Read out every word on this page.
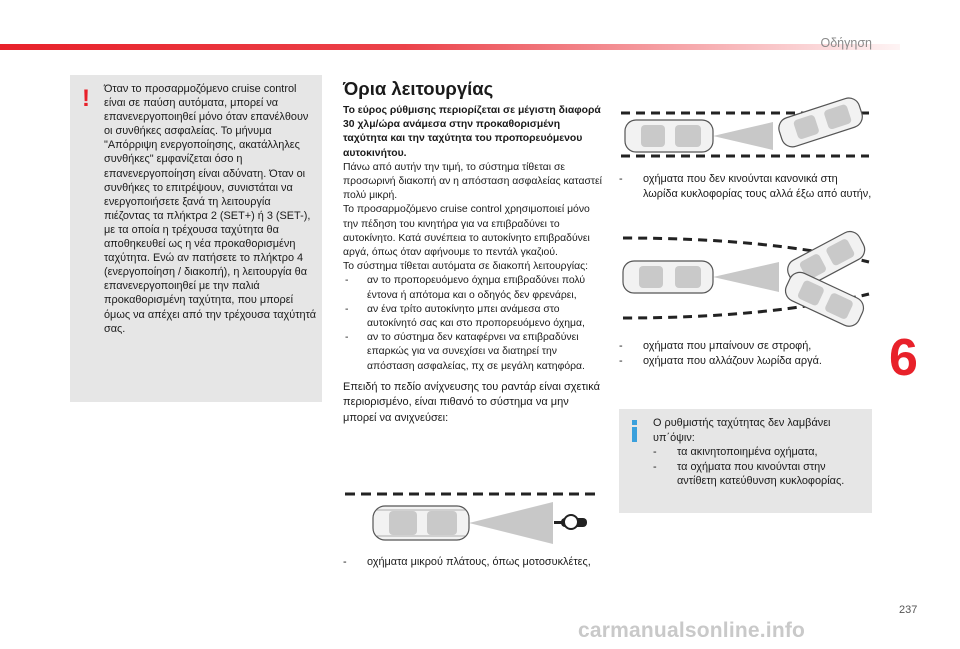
Οδήγηση
! Όταν το προσαρμοζόμενο cruise control είναι σε παύση αυτόματα, μπορεί να επανενεργοποιηθεί μόνο όταν επανέλθουν οι συνθήκες ασφαλείας. Το μήνυμα "Απόρριψη ενεργοποίησης, ακατάλληλες συνθήκες" εμφανίζεται όσο η επανενεργοποίηση είναι αδύνατη. Όταν οι συνθήκες το επιτρέψουν, συνιστάται να ενεργοποιήσετε ξανά τη λειτουργία πιέζοντας τα πλήκτρα 2 (SET+) ή 3 (SET-), με τα οποία η τρέχουσα ταχύτητα θα αποθηκευθεί ως η νέα προκαθορισμένη ταχύτητα. Ενώ αν πατήσετε το πλήκτρο 4 (ενεργοποίηση / διακοπή), η λειτουργία θα επανενεργοποιηθεί με την παλιά προκαθορισμένη ταχύτητα, που μπορεί όμως να απέχει από την τρέχουσα ταχύτητά σας.
Όρια λειτουργίας

Το εύρος ρύθμισης περιορίζεται σε μέγιστη διαφορά 30 χλμ/ώρα ανάμεσα στην προκαθορισμένη ταχύτητα και την ταχύτητα του προπορευόμενου αυτοκινήτου.

Πάνω από αυτήν την τιμή, το σύστημα τίθεται σε προσωρινή διακοπή αν η απόσταση ασφαλείας καταστεί πολύ μικρή.

Το προσαρμοζόμενο cruise control χρησιμοποιεί μόνο την πέδηση του κινητήρα για να επιβραδύνει το αυτοκίνητο. Κατά συνέπεια το αυτοκίνητο επιβραδύνει αργά, όπως όταν αφήνουμε το πεντάλ γκαζιού.

Το σύστημα τίθεται αυτόματα σε διακοπή λειτουργίας:

- αν το προπορευόμενο όχημα επιβραδύνει πολύ έντονα ή απότομα και ο οδηγός δεν φρενάρει,
- αν ένα τρίτο αυτοκίνητο μπει ανάμεσα στο αυτοκίνητό σας και στο προπορευόμενο όχημα,
- αν το σύστημα δεν καταφέρνει να επιβραδύνει επαρκώς για να συνεχίσει να διατηρεί την απόσταση ασφαλείας, πχ σε μεγάλη κατηφόρα.

Επειδή το πεδίο ανίχνευσης του ραντάρ είναι σχετικά περιορισμένο, είναι πιθανό το σύστημα να μην μπορεί να ανιχνεύσει:

- οχήματα μικρού πλάτους, όπως μοτοσυκλέτες,
- οχήματα που δεν κινούνται κανονικά στη λωρίδα κυκλοφορίας τους αλλά έξω από αυτήν,
- οχήματα που μπαίνουν σε στροφή,
- οχήματα που αλλάζουν λωρίδα αργά.
Ο ρυθμιστής ταχύτητας δεν λαμβάνει υπ΄όψιν:
- τα ακινητοποιημένα οχήματα,
- τα οχήματα που κινούνται στην αντίθετη κατεύθυνση κυκλοφορίας.
6
237
carmanualsonline.info
